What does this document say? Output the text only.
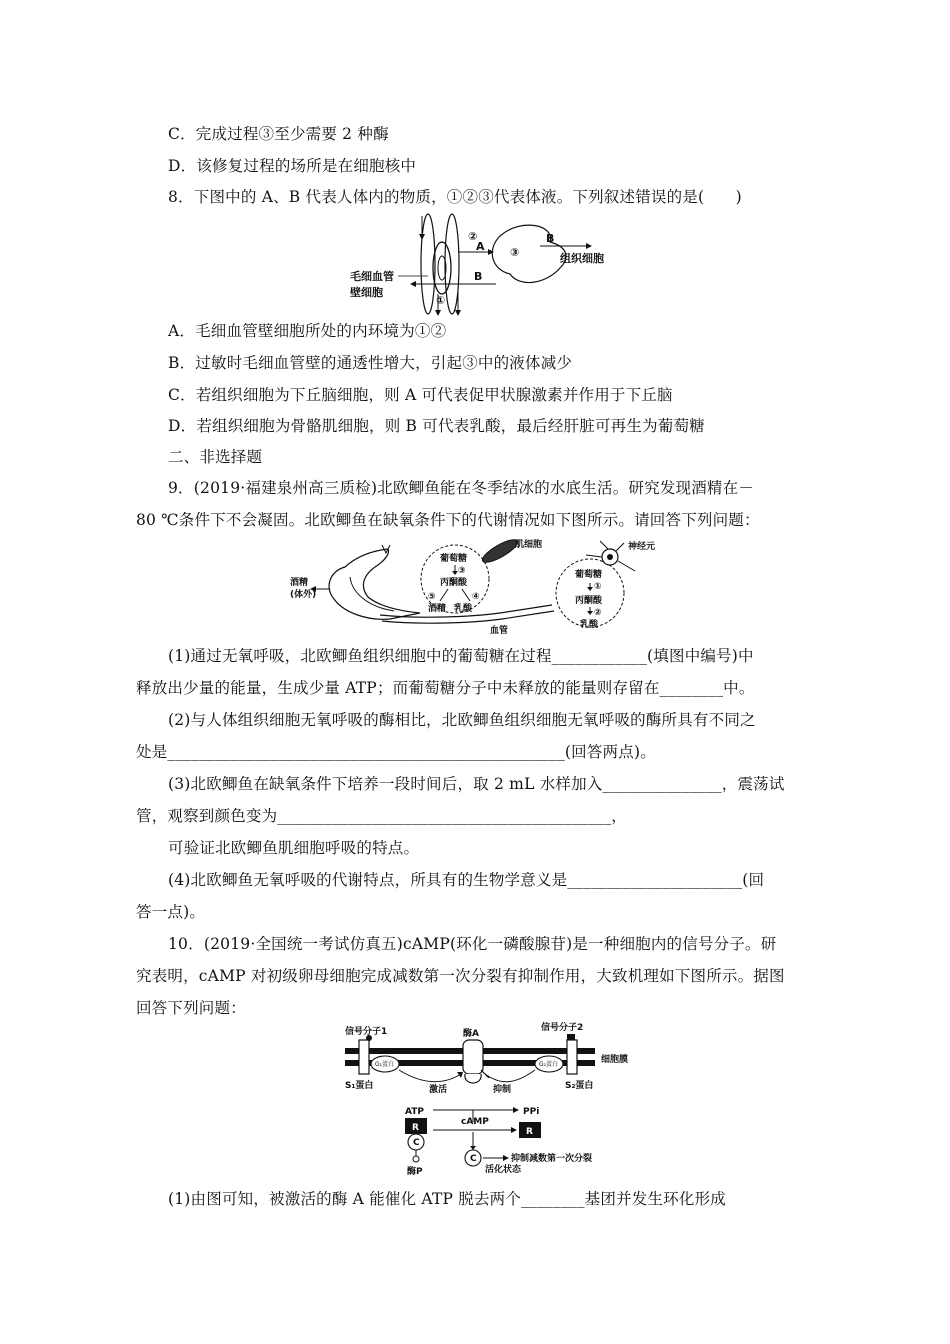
C．完成过程③至少需要 2 种酶
D．该修复过程的场所是在细胞核中
8．下图中的 A、B 代表人体内的物质，①②③代表体液。下列叙述错误的是(　　)
毛细血管
壁细胞
组织细胞
②
A ③
B
B
①
A．毛细血管壁细胞所处的内环境为①②
B．过敏时毛细血管壁的通透性增大，引起③中的液体减少
C．若组织细胞为下丘脑细胞，则 A 可代表促甲状腺激素并作用于下丘脑
D．若组织细胞为骨骼肌细胞，则 B 可代表乳酸，最后经肝脏可再生为葡萄糖
二、非选择题
9．(2019·福建泉州高三质检)北欧鲫鱼能在冬季结冰的水底生活。研究发现酒精在－
80 ℃条件下不会凝固。北欧鲫鱼在缺氧条件下的代谢情况如下图所示。请回答下列问题：
肌细胞	神经元
酒精
(体外)
血管
葡萄糖
③
丙酮酸
⑤	④
酒精 乳酸
葡萄糖
①
丙酮酸
②
乳酸
(1)通过无氧呼吸，北欧鲫鱼组织细胞中的葡萄糖在过程____________(填图中编号)中
释放出少量的能量，生成少量 ATP；而葡萄糖分子中未释放的能量则存留在________中。
(2)与人体组织细胞无氧呼吸的酶相比，北欧鲫鱼组织细胞无氧呼吸的酶所具有不同之
处是__________________________________________________(回答两点)。
(3)北欧鲫鱼在缺氧条件下培养一段时间后，取 2 mL 水样加入_______________，震荡试
管，观察到颜色变为__________________________________________，
可验证北欧鲫鱼肌细胞呼吸的特点。
(4)北欧鲫鱼无氧呼吸的代谢特点，所具有的生物学意义是______________________(回
答一点)。
10．(2019·全国统一考试仿真五)cAMP(环化一磷酸腺苷)是一种细胞内的信号分子。研
究表明，cAMP 对初级卵母细胞完成减数第一次分裂有抑制作用，大致机理如下图所示。据图
回答下列问题：
信号分子1	信号分子2
酶A
细胞膜
G₁蛋白	G₂蛋白
S₁蛋白	S₂蛋白
激活	抑制
ATP	PPi
cAMP
R	R
C
C
酶P	活化状态
抑制减数第一次分裂
(1)由图可知，被激活的酶 A 能催化 ATP 脱去两个________基团并发生环化形成
